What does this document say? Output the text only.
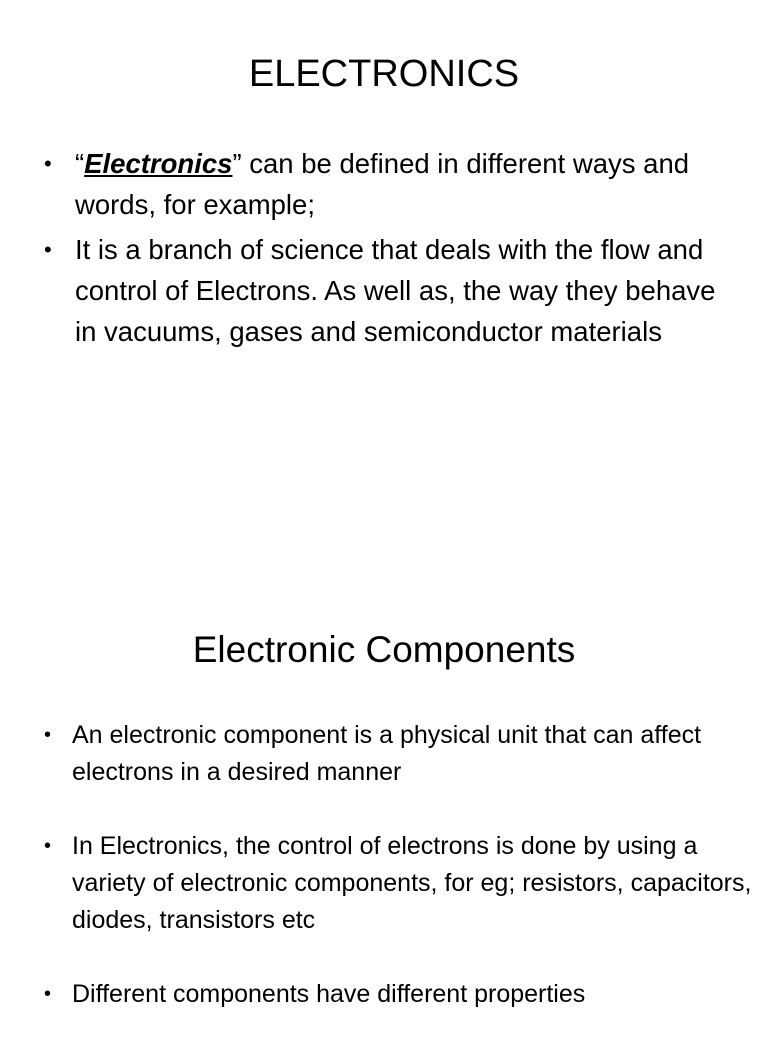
ELECTRONICS
• “Electronics” can be defined in different ways and words, for example;
• It is a branch of science that deals with the flow and control of Electrons. As well as, the way they behave in vacuums, gases and semiconductor materials
Electronic Components
• An electronic component is a physical unit that can affect electrons in a desired manner
• In Electronics, the control of electrons is done by using a variety of electronic components, for eg; resistors, capacitors, diodes, transistors etc
• Different components have different properties
